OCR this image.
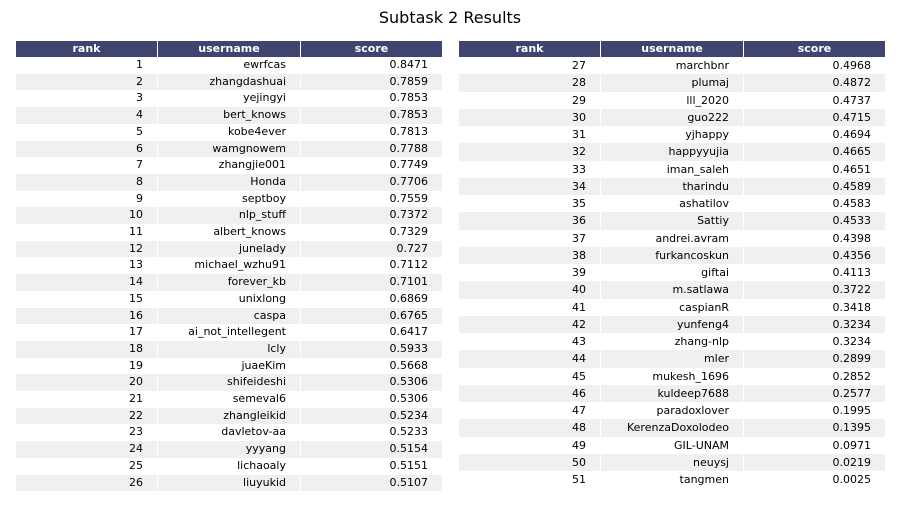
Subtask 2 Results
rank	username	score
1	ewrfcas	0.8471
2	zhangdashuai	0.7859
3	yejingyi	0.7853
4	bert_knows	0.7853
5	kobe4ever	0.7813
6	wamgnowem	0.7788
7	zhangjie001	0.7749
8	Honda	0.7706
9	septboy	0.7559
10	nlp_stuff	0.7372
11	albert_knows	0.7329
12	junelady	0.727
13	michael_wzhu91	0.7112
14	forever_kb	0.7101
15	unixlong	0.6869
16	caspa	0.6765
17	ai_not_intellegent	0.6417
18	lcly	0.5933
19	juaeKim	0.5668
20	shifeideshi	0.5306
21	semeval6	0.5306
22	zhangleikid	0.5234
23	davletov-aa	0.5233
24	yyyang	0.5154
25	lichaoaly	0.5151
26	liuyukid	0.5107
rank	username	score
27	marchbnr	0.4968
28	plumaj	0.4872
29	lll_2020	0.4737
30	guo222	0.4715
31	yjhappy	0.4694
32	happyyujia	0.4665
33	iman_saleh	0.4651
34	tharindu	0.4589
35	ashatilov	0.4583
36	Sattiy	0.4533
37	andrei.avram	0.4398
38	furkancoskun	0.4356
39	giftai	0.4113
40	m.satlawa	0.3722
41	caspianR	0.3418
42	yunfeng4	0.3234
43	zhang-nlp	0.3234
44	mler	0.2899
45	mukesh_1696	0.2852
46	kuldeep7688	0.2577
47	paradoxlover	0.1995
48	KerenzaDoxolodeo	0.1395
49	GIL-UNAM	0.0971
50	neuysj	0.0219
51	tangmen	0.0025
